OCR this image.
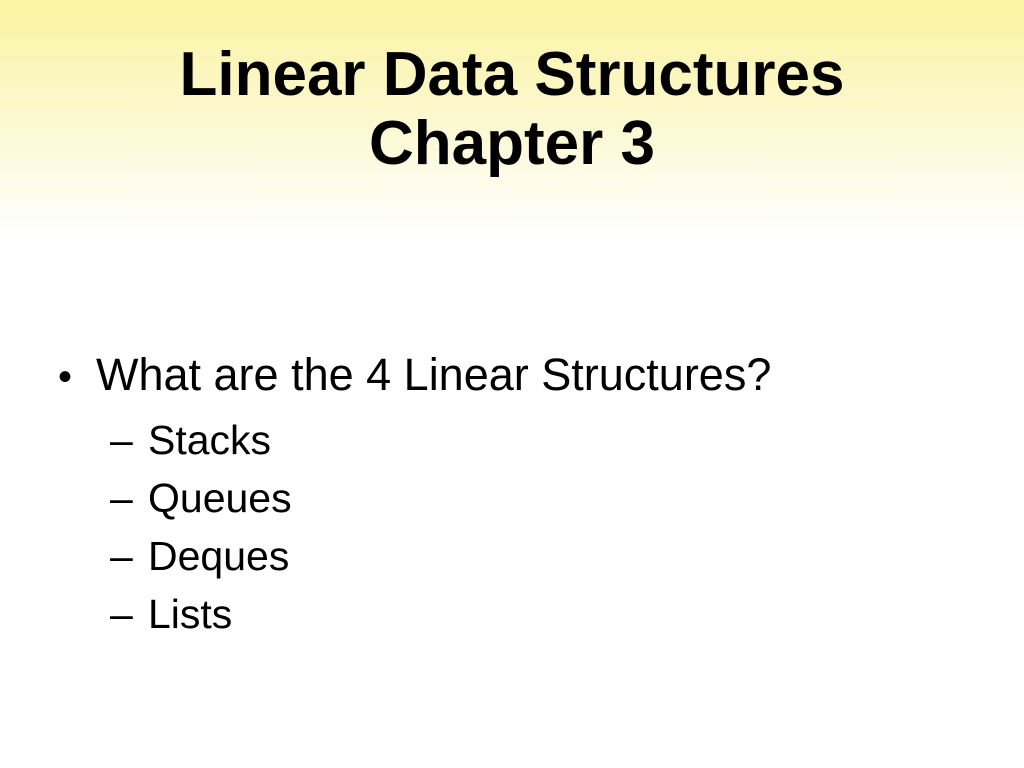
Linear Data Structures
Chapter 3
• What are the 4 Linear Structures?
– Stacks
– Queues
– Deques
– Lists
